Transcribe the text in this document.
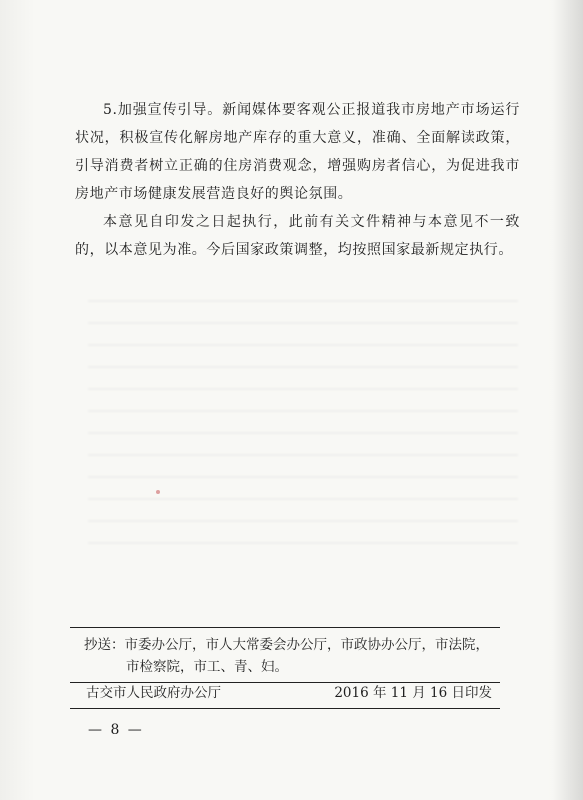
5.加强宣传引导。新闻媒体要客观公正报道我市房地产市场运行状况，积极宣传化解房地产库存的重大意义，准确、全面解读政策，引导消费者树立正确的住房消费观念，增强购房者信心，为促进我市房地产市场健康发展营造良好的舆论氛围。

本意见自印发之日起执行，此前有关文件精神与本意见不一致的，以本意见为准。今后国家政策调整，均按照国家最新规定执行。

抄送：市委办公厅，市人大常委会办公厅，市政协办公厅，市法院，

市检察院，市工、青、妇。

古交市人民政府办公厅	2016 年 11 月 16 日印发
— 8 —
